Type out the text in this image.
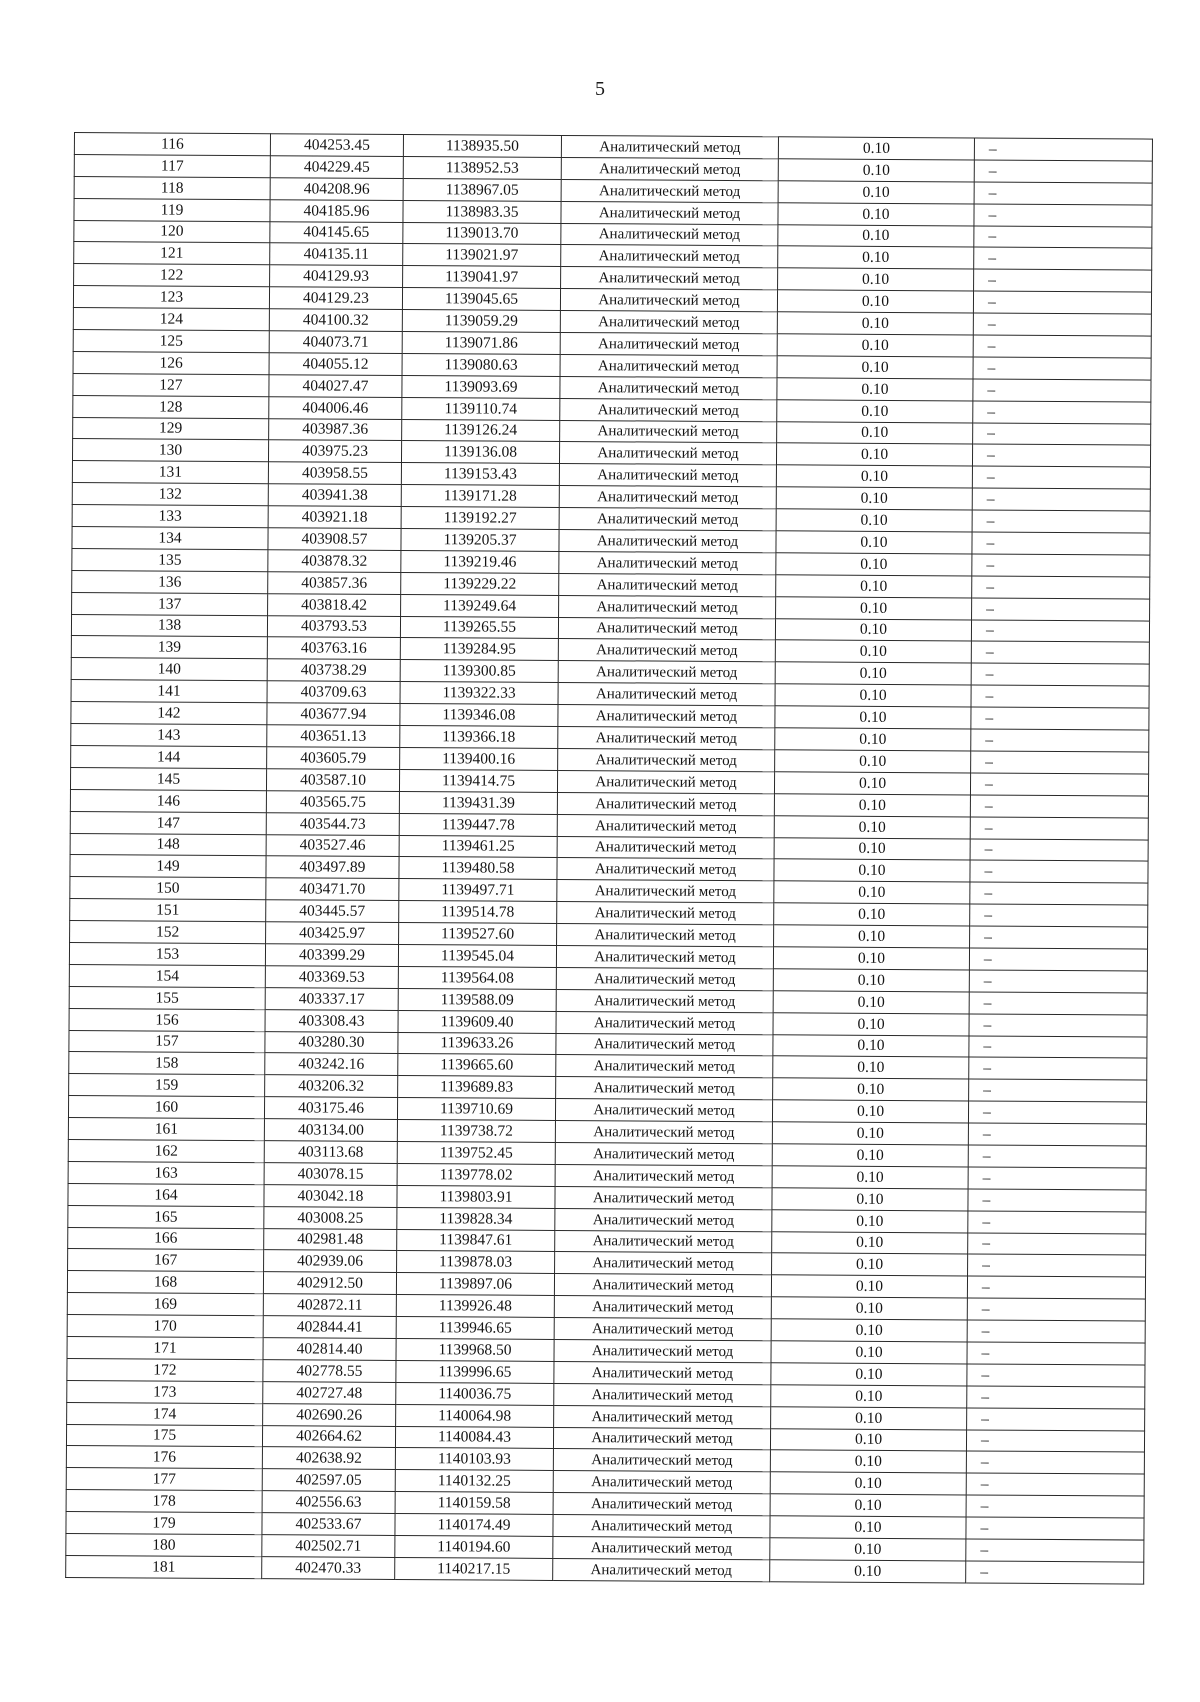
5
116	404253.45	1138935.50	Аналитический метод	0.10	–
117	404229.45	1138952.53	Аналитический метод	0.10	–
118	404208.96	1138967.05	Аналитический метод	0.10	–
119	404185.96	1138983.35	Аналитический метод	0.10	–
120	404145.65	1139013.70	Аналитический метод	0.10	–
121	404135.11	1139021.97	Аналитический метод	0.10	–
122	404129.93	1139041.97	Аналитический метод	0.10	–
123	404129.23	1139045.65	Аналитический метод	0.10	–
124	404100.32	1139059.29	Аналитический метод	0.10	–
125	404073.71	1139071.86	Аналитический метод	0.10	–
126	404055.12	1139080.63	Аналитический метод	0.10	–
127	404027.47	1139093.69	Аналитический метод	0.10	–
128	404006.46	1139110.74	Аналитический метод	0.10	–
129	403987.36	1139126.24	Аналитический метод	0.10	–
130	403975.23	1139136.08	Аналитический метод	0.10	–
131	403958.55	1139153.43	Аналитический метод	0.10	–
132	403941.38	1139171.28	Аналитический метод	0.10	–
133	403921.18	1139192.27	Аналитический метод	0.10	–
134	403908.57	1139205.37	Аналитический метод	0.10	–
135	403878.32	1139219.46	Аналитический метод	0.10	–
136	403857.36	1139229.22	Аналитический метод	0.10	–
137	403818.42	1139249.64	Аналитический метод	0.10	–
138	403793.53	1139265.55	Аналитический метод	0.10	–
139	403763.16	1139284.95	Аналитический метод	0.10	–
140	403738.29	1139300.85	Аналитический метод	0.10	–
141	403709.63	1139322.33	Аналитический метод	0.10	–
142	403677.94	1139346.08	Аналитический метод	0.10	–
143	403651.13	1139366.18	Аналитический метод	0.10	–
144	403605.79	1139400.16	Аналитический метод	0.10	–
145	403587.10	1139414.75	Аналитический метод	0.10	–
146	403565.75	1139431.39	Аналитический метод	0.10	–
147	403544.73	1139447.78	Аналитический метод	0.10	–
148	403527.46	1139461.25	Аналитический метод	0.10	–
149	403497.89	1139480.58	Аналитический метод	0.10	–
150	403471.70	1139497.71	Аналитический метод	0.10	–
151	403445.57	1139514.78	Аналитический метод	0.10	–
152	403425.97	1139527.60	Аналитический метод	0.10	–
153	403399.29	1139545.04	Аналитический метод	0.10	–
154	403369.53	1139564.08	Аналитический метод	0.10	–
155	403337.17	1139588.09	Аналитический метод	0.10	–
156	403308.43	1139609.40	Аналитический метод	0.10	–
157	403280.30	1139633.26	Аналитический метод	0.10	–
158	403242.16	1139665.60	Аналитический метод	0.10	–
159	403206.32	1139689.83	Аналитический метод	0.10	–
160	403175.46	1139710.69	Аналитический метод	0.10	–
161	403134.00	1139738.72	Аналитический метод	0.10	–
162	403113.68	1139752.45	Аналитический метод	0.10	–
163	403078.15	1139778.02	Аналитический метод	0.10	–
164	403042.18	1139803.91	Аналитический метод	0.10	–
165	403008.25	1139828.34	Аналитический метод	0.10	–
166	402981.48	1139847.61	Аналитический метод	0.10	–
167	402939.06	1139878.03	Аналитический метод	0.10	–
168	402912.50	1139897.06	Аналитический метод	0.10	–
169	402872.11	1139926.48	Аналитический метод	0.10	–
170	402844.41	1139946.65	Аналитический метод	0.10	–
171	402814.40	1139968.50	Аналитический метод	0.10	–
172	402778.55	1139996.65	Аналитический метод	0.10	–
173	402727.48	1140036.75	Аналитический метод	0.10	–
174	402690.26	1140064.98	Аналитический метод	0.10	–
175	402664.62	1140084.43	Аналитический метод	0.10	–
176	402638.92	1140103.93	Аналитический метод	0.10	–
177	402597.05	1140132.25	Аналитический метод	0.10	–
178	402556.63	1140159.58	Аналитический метод	0.10	–
179	402533.67	1140174.49	Аналитический метод	0.10	–
180	402502.71	1140194.60	Аналитический метод	0.10	–
181	402470.33	1140217.15	Аналитический метод	0.10	–
